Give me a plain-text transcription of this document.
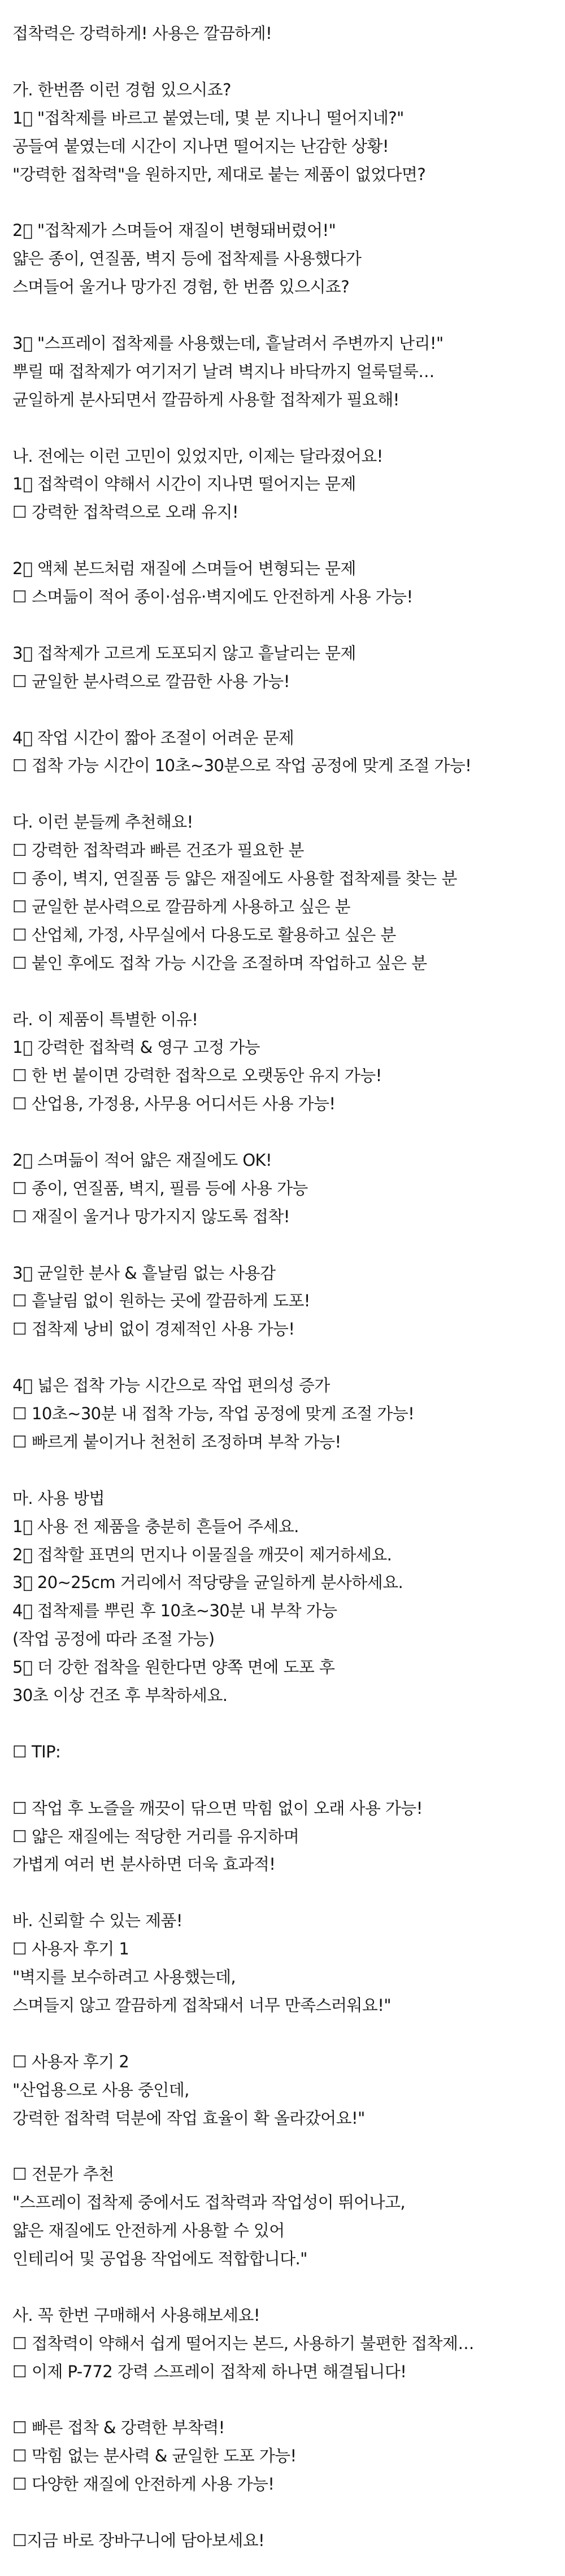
접착력은 강력하게! 사용은 깔끔하게!
가. 한번쯤 이런 경험 있으시죠?
1⃣ "접착제를 바르고 붙였는데, 몇 분 지나니 떨어지네?"
공들여 붙였는데 시간이 지나면 떨어지는 난감한 상황!
"강력한 접착력"을 원하지만, 제대로 붙는 제품이 없었다면?
2⃣ "접착제가 스며들어 재질이 변형돼버렸어!"
얇은 종이, 연질품, 벽지 등에 접착제를 사용했다가
스며들어 울거나 망가진 경험, 한 번쯤 있으시죠?
3⃣ "스프레이 접착제를 사용했는데, 흩날려서 주변까지 난리!"
뿌릴 때 접착제가 여기저기 날려 벽지나 바닥까지 얼룩덜룩…
균일하게 분사되면서 깔끔하게 사용할 접착제가 필요해!
나. 전에는 이런 고민이 있었지만, 이제는 달라졌어요!
1⃣ 접착력이 약해서 시간이 지나면 떨어지는 문제
☐ 강력한 접착력으로 오래 유지!
2⃣ 액체 본드처럼 재질에 스며들어 변형되는 문제
☐ 스며듦이 적어 종이·섬유·벽지에도 안전하게 사용 가능!
3⃣ 접착제가 고르게 도포되지 않고 흩날리는 문제
☐ 균일한 분사력으로 깔끔한 사용 가능!
4⃣ 작업 시간이 짧아 조절이 어려운 문제
☐ 접착 가능 시간이 10초~30분으로 작업 공정에 맞게 조절 가능!
다. 이런 분들께 추천해요!
☐ 강력한 접착력과 빠른 건조가 필요한 분
☐ 종이, 벽지, 연질품 등 얇은 재질에도 사용할 접착제를 찾는 분
☐ 균일한 분사력으로 깔끔하게 사용하고 싶은 분
☐ 산업체, 가정, 사무실에서 다용도로 활용하고 싶은 분
☐ 붙인 후에도 접착 가능 시간을 조절하며 작업하고 싶은 분
라. 이 제품이 특별한 이유!
1⃣ 강력한 접착력 & 영구 고정 가능
☐ 한 번 붙이면 강력한 접착으로 오랫동안 유지 가능!
☐ 산업용, 가정용, 사무용 어디서든 사용 가능!
2⃣ 스며듦이 적어 얇은 재질에도 OK!
☐ 종이, 연질품, 벽지, 필름 등에 사용 가능
☐ 재질이 울거나 망가지지 않도록 접착!
3⃣ 균일한 분사 & 흩날림 없는 사용감
☐ 흩날림 없이 원하는 곳에 깔끔하게 도포!
☐ 접착제 낭비 없이 경제적인 사용 가능!
4⃣ 넓은 접착 가능 시간으로 작업 편의성 증가
☐ 10초~30분 내 접착 가능, 작업 공정에 맞게 조절 가능!
☐ 빠르게 붙이거나 천천히 조정하며 부착 가능!
마. 사용 방법
1⃣ 사용 전 제품을 충분히 흔들어 주세요.
2⃣ 접착할 표면의 먼지나 이물질을 깨끗이 제거하세요.
3⃣ 20~25cm 거리에서 적당량을 균일하게 분사하세요.
4⃣ 접착제를 뿌린 후 10초~30분 내 부착 가능
(작업 공정에 따라 조절 가능)
5⃣ 더 강한 접착을 원한다면 양쪽 면에 도포 후
30초 이상 건조 후 부착하세요.
☐ TIP:
☐ 작업 후 노즐을 깨끗이 닦으면 막힘 없이 오래 사용 가능!
☐ 얇은 재질에는 적당한 거리를 유지하며
가볍게 여러 번 분사하면 더욱 효과적!
바. 신뢰할 수 있는 제품!
☐ 사용자 후기 1
"벽지를 보수하려고 사용했는데,
스며들지 않고 깔끔하게 접착돼서 너무 만족스러워요!"
☐ 사용자 후기 2
"산업용으로 사용 중인데,
강력한 접착력 덕분에 작업 효율이 확 올라갔어요!"
☐ 전문가 추천
"스프레이 접착제 중에서도 접착력과 작업성이 뛰어나고,
얇은 재질에도 안전하게 사용할 수 있어
인테리어 및 공업용 작업에도 적합합니다."
사. 꼭 한번 구매해서 사용해보세요!
☐ 접착력이 약해서 쉽게 떨어지는 본드, 사용하기 불편한 접착제…
☐ 이제 P-772 강력 스프레이 접착제 하나면 해결됩니다!
☐ 빠른 접착 & 강력한 부착력!
☐ 막힘 없는 분사력 & 균일한 도포 가능!
☐ 다양한 재질에 안전하게 사용 가능!
☐지금 바로 장바구니에 담아보세요!
